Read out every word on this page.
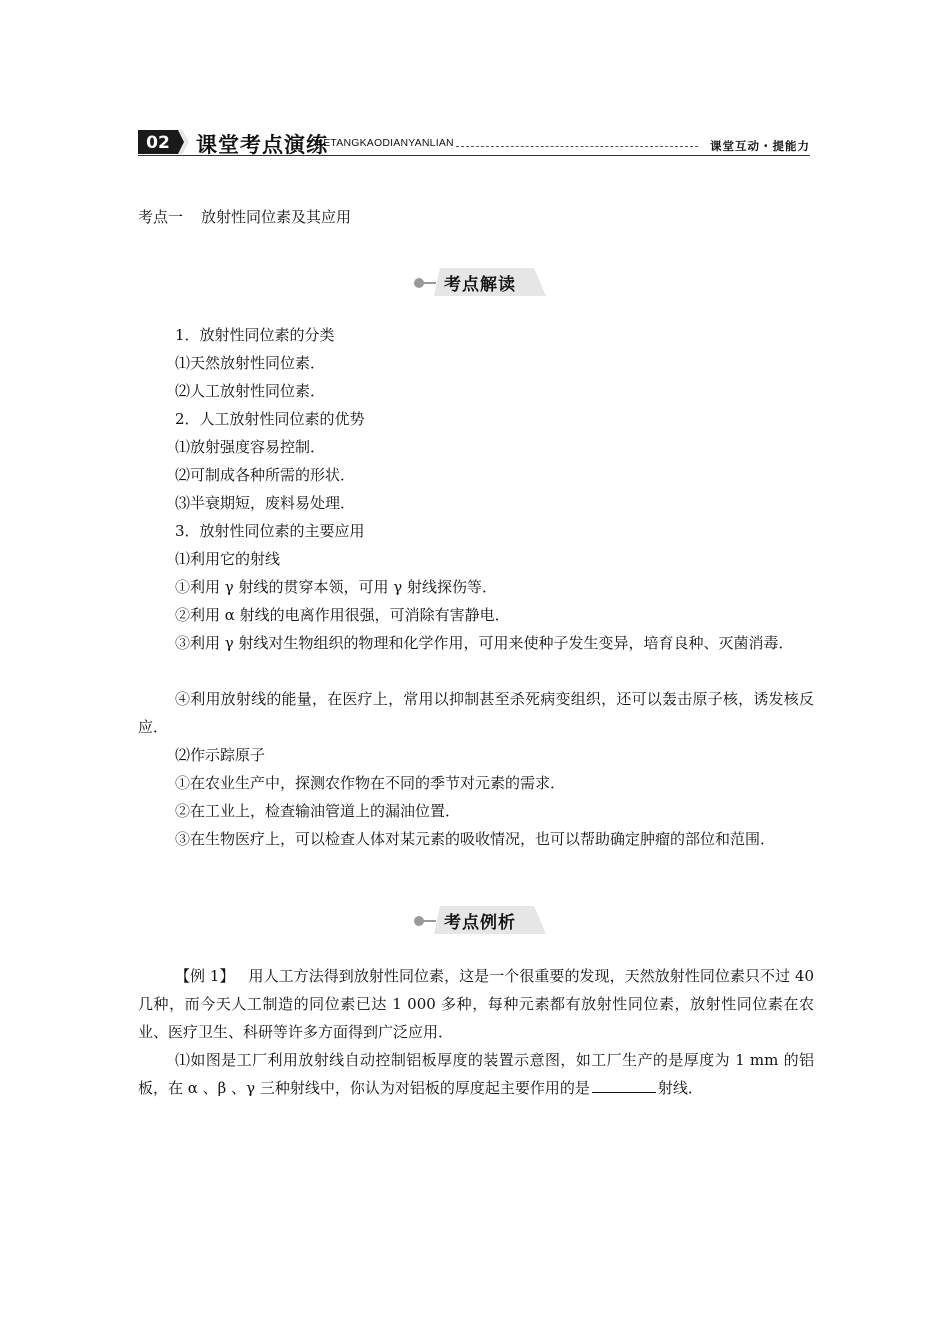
02 课堂考点演练
KETANGKAODIANYANLIAN	课堂互动・提能力
考点一 放射性同位素及其应用
考点解读

1．放射性同位素的分类

⑴天然放射性同位素．

⑵人工放射性同位素．

2．人工放射性同位素的优势

⑴放射强度容易控制．

⑵可制成各种所需的形状．

⑶半衰期短，废料易处理．

3．放射性同位素的主要应用

⑴利用它的射线

①利用 γ 射线的贯穿本领，可用 γ 射线探伤等．

②利用 α 射线的电离作用很强，可消除有害静电．

③利用 γ 射线对生物组织的物理和化学作用，可用来使种子发生变异，培育良种、灭菌消毒．

④利用放射线的能量，在医疗上，常用以抑制甚至杀死病变组织，还可以轰击原子核，诱发核反应．

⑵作示踪原子

①在农业生产中，探测农作物在不同的季节对元素的需求．

②在工业上，检查输油管道上的漏油位置．

③在生物医疗上，可以检查人体对某元素的吸收情况，也可以帮助确定肿瘤的部位和范围．

考点例析

【例 1】 用人工方法得到放射性同位素，这是一个很重要的发现，天然放射性同位素只不过 40 几种，而今天人工制造的同位素已达 1 000 多种，每种元素都有放射性同位素，放射性同位素在农业、医疗卫生、科研等许多方面得到广泛应用．

⑴如图是工厂利用放射线自动控制铝板厚度的装置示意图，如工厂生产的是厚度为 1 mm 的铝板，在 α 、β 、γ 三种射线中，你认为对铝板的厚度起主要作用的是	射线．
